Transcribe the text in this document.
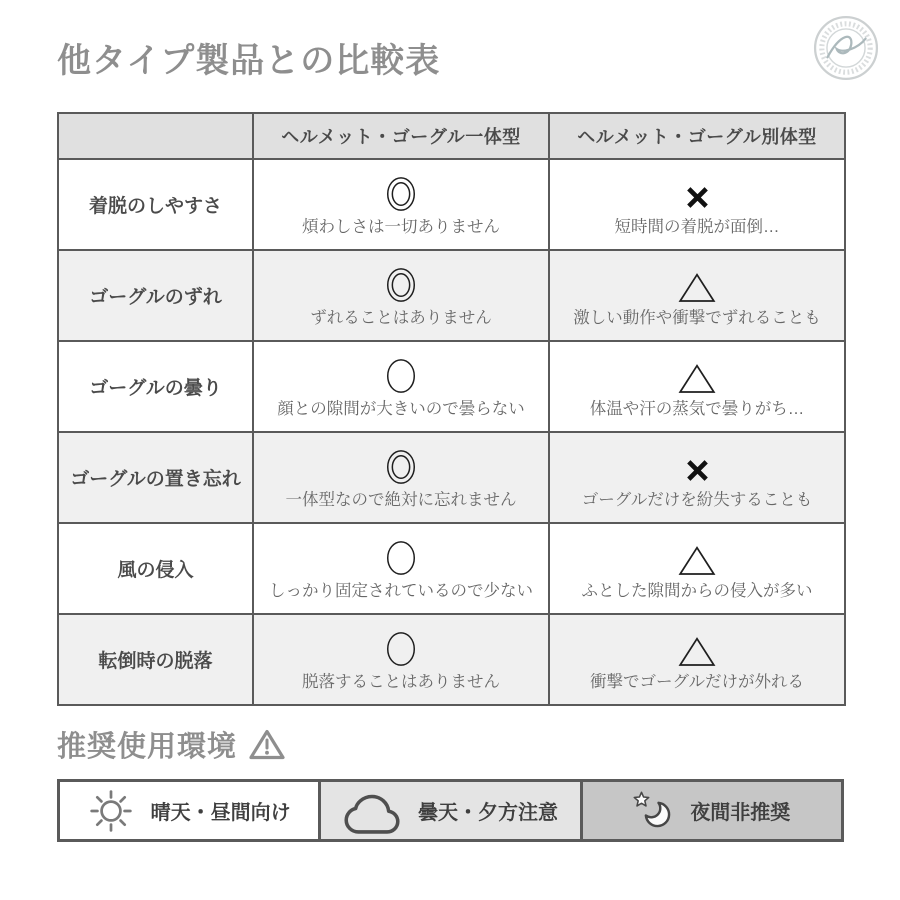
他タイプ製品との比較表
	ヘルメット・ゴーグル一体型	ヘルメット・ゴーグル別体型
着脱のしやすさ	煩わしさは一切ありません	短時間の着脱が面倒…

ゴーグルのずれ	ずれることはありません	激しい動作や衝撃でずれることも

ゴーグルの曇り	顔との隙間が大きいので曇らない	体温や汗の蒸気で曇りがち…

ゴーグルの置き忘れ	一体型なので絶対に忘れません	ゴーグルだけを紛失することも

風の侵入	しっかり固定されているので少ない	ふとした隙間からの侵入が多い

転倒時の脱落	脱落することはありません	衝撃でゴーグルだけが外れる
推奨使用環境
晴天・昼間向け	曇天・夕方注意	夜間非推奨
